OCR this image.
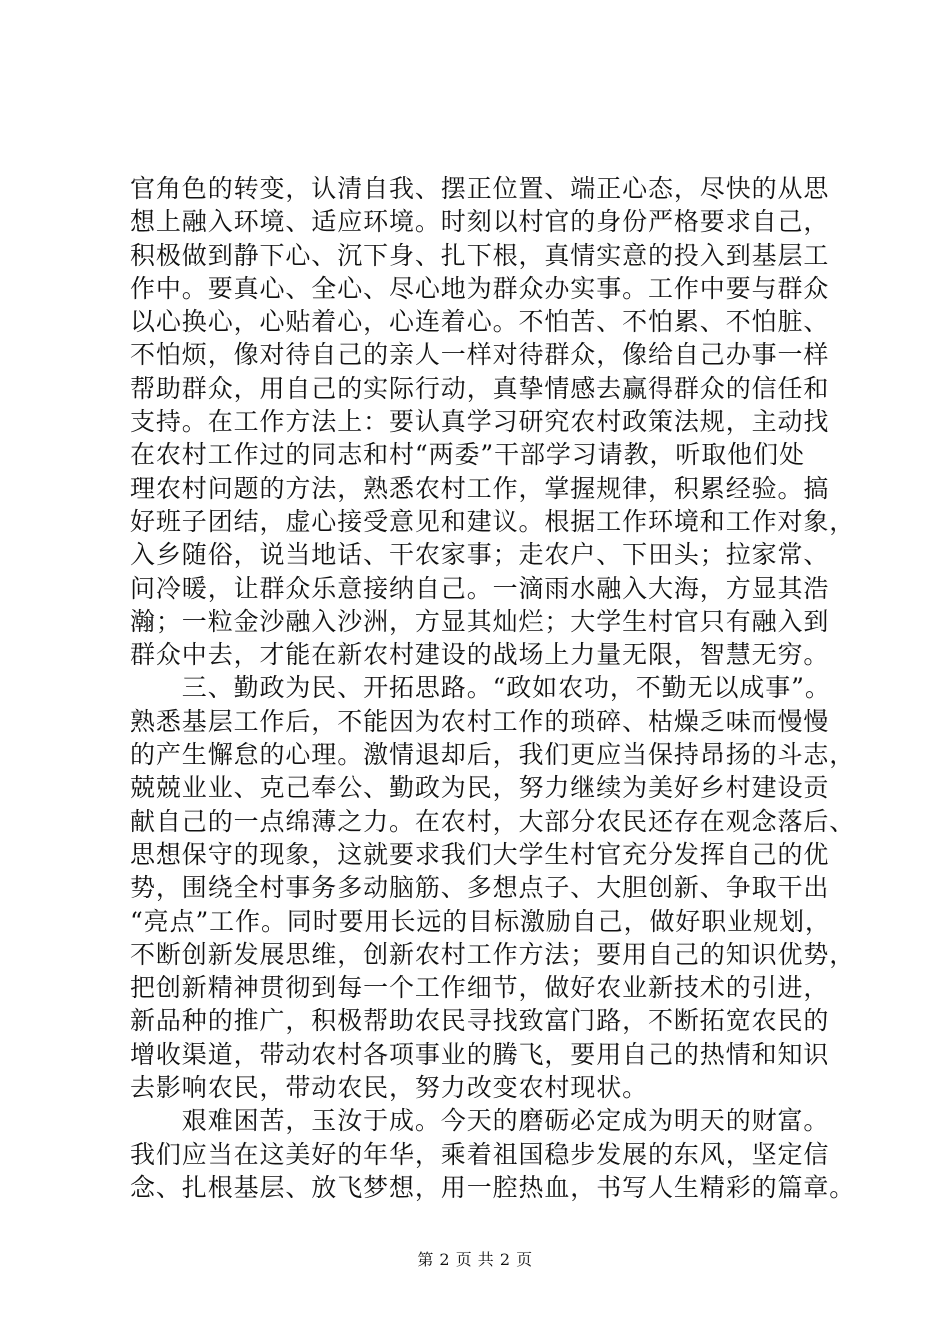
官角色的转变，认清自我、摆正位置、端正心态，尽快的从思
想上融入环境、适应环境。时刻以村官的身份严格要求自己，
积极做到静下心、沉下身、扎下根，真情实意的投入到基层工
作中。要真心、全心、尽心地为群众办实事。工作中要与群众
以心换心，心贴着心，心连着心。不怕苦、不怕累、不怕脏、
不怕烦，像对待自己的亲人一样对待群众，像给自己办事一样
帮助群众，用自己的实际行动，真挚情感去赢得群众的信任和
支持。在工作方法上：要认真学习研究农村政策法规，主动找
在农村工作过的同志和村“两委”干部学习请教，听取他们处
理农村问题的方法，熟悉农村工作，掌握规律，积累经验。搞
好班子团结，虚心接受意见和建议。根据工作环境和工作对象，
入乡随俗，说当地话、干农家事；走农户、下田头；拉家常、
问冷暖，让群众乐意接纳自己。一滴雨水融入大海，方显其浩
瀚；一粒金沙融入沙洲，方显其灿烂；大学生村官只有融入到
群众中去，才能在新农村建设的战场上力量无限，智慧无穷。
　　三、勤政为民、开拓思路。“政如农功，不勤无以成事”。
熟悉基层工作后，不能因为农村工作的琐碎、枯燥乏味而慢慢
的产生懈怠的心理。激情退却后，我们更应当保持昂扬的斗志，
兢兢业业、克己奉公、勤政为民，努力继续为美好乡村建设贡
献自己的一点绵薄之力。在农村，大部分农民还存在观念落后、
思想保守的现象，这就要求我们大学生村官充分发挥自己的优
势，围绕全村事务多动脑筋、多想点子、大胆创新、争取干出
“亮点”工作。同时要用长远的目标激励自己，做好职业规划，
不断创新发展思维，创新农村工作方法；要用自己的知识优势，
把创新精神贯彻到每一个工作细节，做好农业新技术的引进，
新品种的推广，积极帮助农民寻找致富门路，不断拓宽农民的
增收渠道，带动农村各项事业的腾飞，要用自己的热情和知识
去影响农民，带动农民，努力改变农村现状。
　　艰难困苦，玉汝于成。今天的磨砺必定成为明天的财富。
我们应当在这美好的年华，乘着祖国稳步发展的东风，坚定信
念、扎根基层、放飞梦想，用一腔热血，书写人生精彩的篇章。
第 2 页 共 2 页
